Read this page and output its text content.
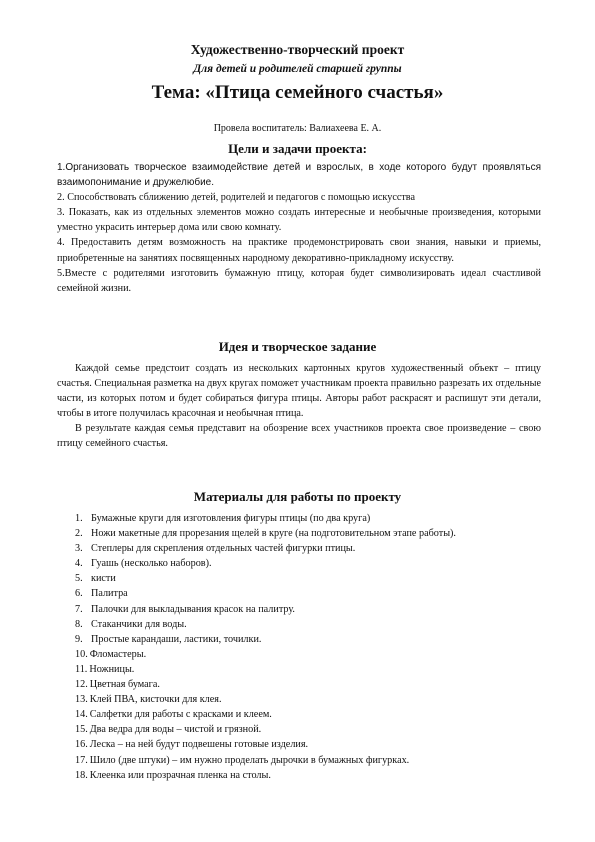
Художественно-творческий проект
Для детей и родителей старшей группы
Тема: «Птица семейного счастья»
Провела воспитатель: Валиахеева Е. А.
Цели и задачи проекта:

1.Организовать творческое взаимодействие детей и взрослых, в ходе которого будут проявляться взаимопонимание и дружелюбие.

2. Способствовать сближению детей, родителей и педагогов с помощью искусства

3. Показать, как из отдельных элементов можно создать интересные и необычные произведения, которыми уместно украсить интерьер дома или свою комнату.

4. Предоставить детям возможность на практике продемонстрировать свои знания, навыки и приемы, приобретенные на занятиях посвященных народному декоративно-прикладному искусству.

5.Вместе с родителями изготовить бумажную птицу, которая будет символизировать идеал счастливой семейной жизни.

Идея и творческое задание

Каждой семье предстоит создать из нескольких картонных кругов художественный объект – птицу счастья. Специальная разметка на двух кругах поможет участникам проекта правильно разрезать их отдельные части, из которых потом и будет собираться фигура птицы. Авторы работ раскрасят и распишут эти детали, чтобы в итоге получилась красочная и необычная птица.

В результате каждая семья представит на обозрение всех участников проекта свое произведение – свою птицу семейного счастья.

Материалы для работы по проекту
1. Бумажные круги для изготовления фигуры птицы (по два круга)
2. Ножи макетные для прорезания щелей в круге (на подготовительном этапе работы).
3. Степлеры для скрепления отдельных частей фигурки птицы.
4. Гуашь (несколько наборов).
5. кисти
6. Палитра
7. Палочки для выкладывания красок на палитру.
8. Стаканчики для воды.
9. Простые карандаши, ластики, точилки.
10. Фломастеры.
11. Ножницы.
12. Цветная бумага.
13. Клей ПВА, кисточки для клея.
14. Салфетки для работы с красками и клеем.
15. Два ведра для воды – чистой и грязной.
16. Леска – на ней будут подвешены готовые изделия.
17. Шило (две штуки) – им нужно проделать дырочки в бумажных фигурках.
18. Клеенка или прозрачная пленка на столы.
